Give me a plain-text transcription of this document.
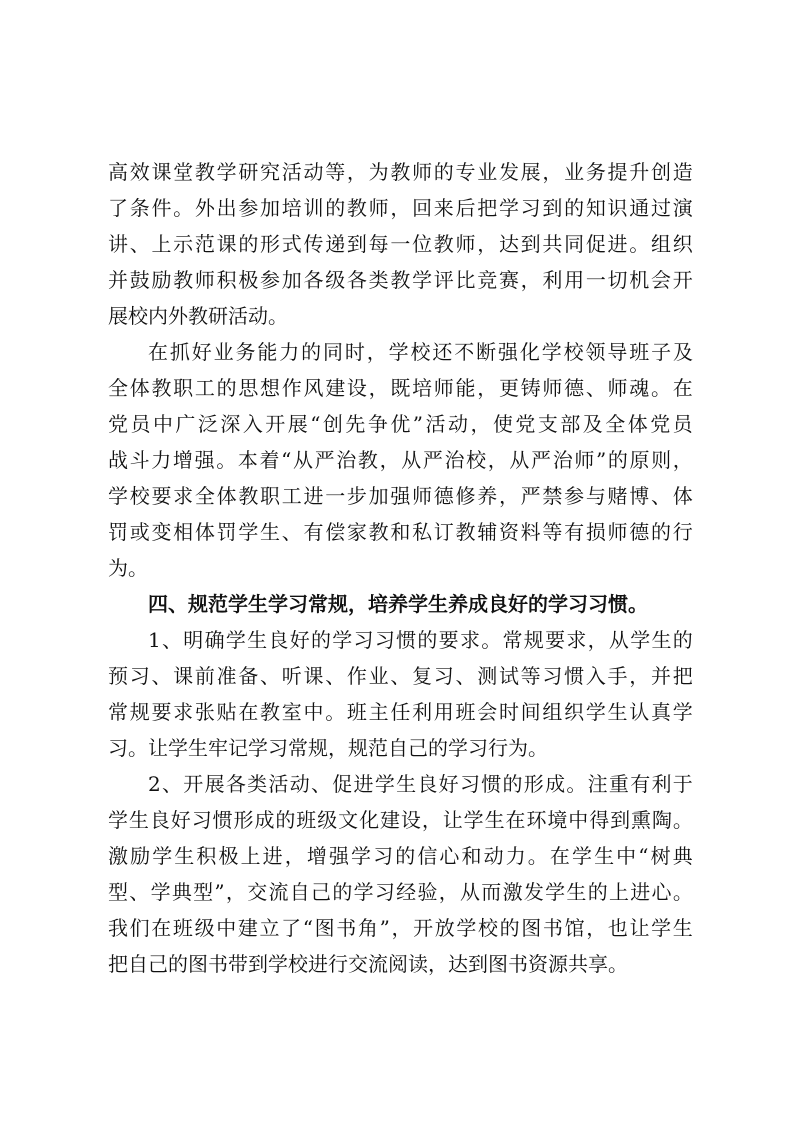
高 效 课 堂 教 学 研 究 活 动 等 ， 为 教 师 的 专 业 发 展 ， 业 务 提 升 创 造
了 条 件 。 外 出 参 加 培 训 的 教 师 ， 回 来 后 把 学 习 到 的 知 识 通 过 演
讲 、 上 示 范 课 的 形 式 传 递 到 每 一 位 教 师 ， 达 到 共 同 促 进 。 组 织
并 鼓 励 教 师 积 极 参 加 各 级 各 类 教 学 评 比 竞 赛 ， 利 用 一 切 机 会 开
展校内外教研活动。
在 抓 好 业 务 能 力 的 同 时 ， 学 校 还 不 断 强 化 学 校 领 导 班 子 及
全 体 教 职 工 的 思 想 作 风 建 设 ， 既 培 师 能 ， 更 铸 师 德 、 师 魂 。 在
党 员 中 广 泛 深 入 开 展 “ 创 先 争 优 ” 活 动 ， 使 党 支 部 及 全 体 党 员
战 斗 力 增 强 。 本 着 “ 从 严 治 教 ， 从 严 治 校 ， 从 严 治 师 ” 的 原 则 ，
学 校 要 求 全 体 教 职 工 进 一 步 加 强 师 德 修 养 ， 严 禁 参 与 赌 博 、 体
罚 或 变 相 体 罚 学 生 、 有 偿 家 教 和 私 订 教 辅 资 料 等 有 损 师 德 的 行
为。
四、规范学生学习常规，培养学生养成良好的学习习惯。
1 、 明 确 学 生 良 好 的 学 习 习 惯 的 要 求 。 常 规 要 求 ， 从 学 生 的
预 习 、 课 前 准 备 、 听 课 、 作 业 、 复 习 、 测 试 等 习 惯 入 手 ， 并 把
常 规 要 求 张 贴 在 教 室 中 。 班 主 任 利 用 班 会 时 间 组 织 学 生 认 真 学
习。让学生牢记学习常规，规范自己的学习行为。
2 、 开 展 各 类 活 动 、 促 进 学 生 良 好 习 惯 的 形 成 。 注 重 有 利 于
学 生 良 好 习 惯 形 成 的 班 级 文 化 建 设 ， 让 学 生 在 环 境 中 得 到 熏 陶 。
激 励 学 生 积 极 上 进 ， 增 强 学 习 的 信 心 和 动 力 。 在 学 生 中 “ 树 典
型 、 学 典 型 ” ， 交 流 自 己 的 学 习 经 验 ， 从 而 激 发 学 生 的 上 进 心 。
我 们 在 班 级 中 建 立 了 “ 图 书 角 ” ， 开 放 学 校 的 图 书 馆 ， 也 让 学 生
把自己的图书带到学校进行交流阅读，达到图书资源共享。
